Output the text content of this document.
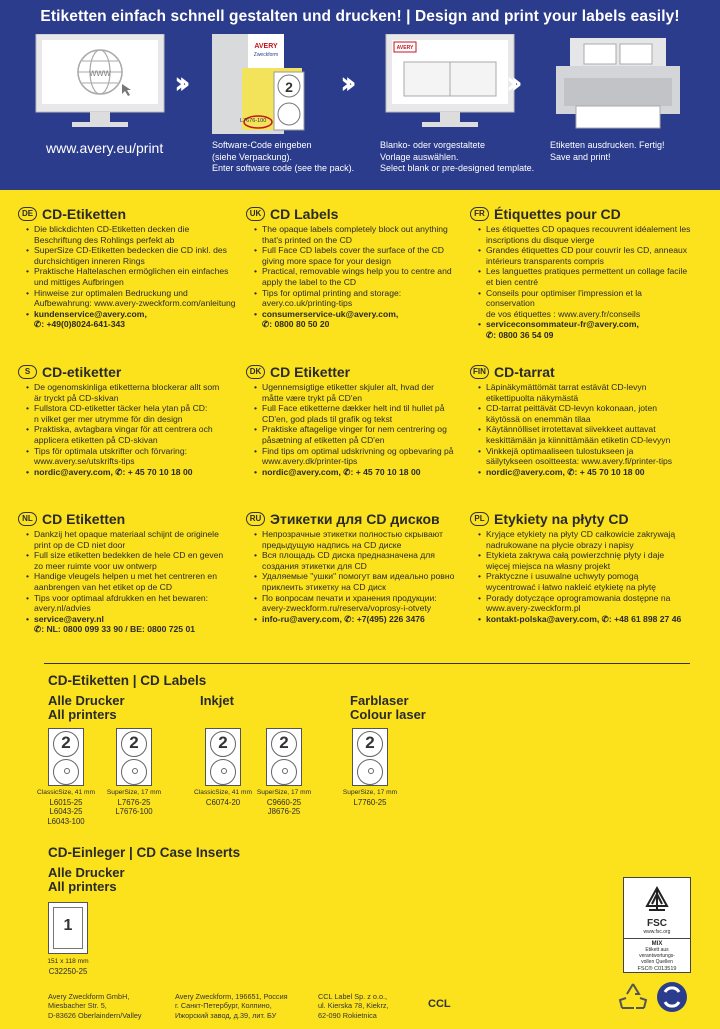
Etiketten einfach schnell gestalten und drucken! | Design and print your labels easily!
www
www.avery.eu/print
››
AVERY
Zweckform
2
L7676-100
Software-Code eingeben
(siehe Verpackung).
Enter software code (see the pack).
››
AVERY
Blanko- oder vorgestaltete
Vorlage auswählen.
Select blank or pre-designed template.
››
Etiketten ausdrucken. Fertig!
Save and print!
DE CD-Etiketten
• Die blickdichten CD-Etiketten decken die
Beschriftung des Rohlings perfekt ab
• SuperSize CD-Etiketten bedecken die CD inkl. des
durchsichtigen inneren Rings
• Praktische Haltelaschen ermöglichen ein einfaches
und mittiges Aufbringen
• Hinweise zur optimalen Bedruckung und
Aufbewahrung: www.avery-zweckform.com/anleitung
• kundenservice@avery.com,
✆: +49(0)8024-641-343
UK CD Labels
• The opaque labels completely block out anything
that's printed on the CD
• Full Face CD labels cover the surface of the CD
giving more space for your design
• Practical, removable wings help you to centre and
apply the label to the CD
• Tips for optimal printing and storage:
avery.co.uk/printing-tips
• consumerservice-uk@avery.com,
✆: 0800 80 50 20
FR Étiquettes pour CD
• Les étiquettes CD opaques recouvrent idéalement les
inscriptions du disque vierge
• Grandes étiquettes CD pour couvrir les CD, anneaux
intérieurs transparents compris
• Les languettes pratiques permettent un collage facile
et bien centré
• Conseils pour optimiser l'impression et la conservation
de vos étiquettes : www.avery.fr/conseils
• serviceconsommateur-fr@avery.com,
✆: 0800 36 54 09
S CD-etiketter
• De ogenomskinliga etiketterna blockerar allt som
är tryckt på CD-skivan
• Fullstora CD-etiketter täcker hela ytan på CD:
n vilket ger mer utrymme för din design
• Praktiska, avtagbara vingar för att centrera och
applicera etiketten på CD-skivan
• Tips för optimala utskrifter och förvaring:
www.avery.se/utskrifts-tips
• nordic@avery.com, ✆: + 45 70 10 18 00
DK CD Etiketter
• Ugennemsigtige etiketter skjuler alt, hvad der
måtte være trykt på CD'en
• Full Face etiketterne dækker helt ind til hullet på
CD'en, god plads til grafik og tekst
• Praktiske aftagelige vinger for nem centrering og
påsætning af etiketten på CD'en
• Find tips om optimal udskrivning og opbevaring på
www.avery.dk/printer-tips
• nordic@avery.com, ✆: + 45 70 10 18 00
FIN CD-tarrat
• Läpinäkymättömät tarrat estävät CD-levyn
etikettipuolta näkymästä
• CD-tarrat peittävät CD-levyn kokonaan, joten
käytössä on enemmän tilaa
• Käytännölliset irrotettavat siivekkeet auttavat
keskittämään ja kiinnittämään etiketin CD-levyyn
• Vinkkejä optimaaliseen tulostukseen ja
säilytykseen osoitteesta: www.avery.fi/printer-tips
• nordic@avery.com, ✆: + 45 70 10 18 00
NL CD Etiketten
• Dankzij het opaque materiaal schijnt de originele
print op de CD niet door
• Full size etiketten bedekken de hele CD en geven
zo meer ruimte voor uw ontwerp
• Handige vleugels helpen u met het centreren en
aanbrengen van het etiket op de CD
• Tips voor optimaal afdrukken en het bewaren:
avery.nl/advies
• service@avery.nl
✆: NL: 0800 099 33 90 / BE: 0800 725 01
RU Этикетки для CD дисков
• Непрозрачные этикетки полностью скрывают
предыдущую надпись на CD диске
• Вся площадь CD диска предназначена для
создания этикетки для CD
• Удаляемые "ушки" помогут вам идеально ровно
приклеить этикетку на CD диск
• По вопросам печати и хранения продукции:
avery-zweckform.ru/reserva/voprosy-i-otvety
• info-ru@avery.com, ✆: +7(495) 226 3476
PL Etykiety na płyty CD
• Kryjące etykiety na płyty CD całkowicie zakrywają
nadrukowane na płycie obrazy i napisy
• Etykieta zakrywa całą powierzchnię płyty i daje
więcej miejsca na własny projekt
• Praktyczne i usuwalne uchwyty pomogą
wycentrować i łatwo nakleić etykietę na płytę
• Porady dotyczące oprogramowania dostępne na
www.avery-zweckform.pl
• kontakt-polska@avery.com, ✆: +48 61 898 27 46
CD-Etiketten | CD Labels
Alle Drucker
All printers
Inkjet	Farblaser
Colour laser
2
ClassicSize, 41 mm
L6015-25
L6043-25
L6043-100
2
SuperSize, 17 mm
L7676-25
L7676-100
2
ClassicSize, 41 mm
C6074-20
2
SuperSize, 17 mm
C9660-25
J8676-25
2
SuperSize, 17 mm
L7760-25
CD-Einleger | CD Case Inserts
Alle Drucker
All printers
1
151 x 118 mm
C32250-25
Avery Zweckform GmbH,
Miesbacher Str. 5,
D-83626 Oberlaindern/Valley
Avery Zweckform, 196651, Россия
г. Санкт-Петербург, Колпино,
Ижорский завод, д.39, лит. БУ
CCL Label Sp. z o.o.,
ul. Kierska 78, Kiekrz,
62-090 Rokietnica
CCL
FSC
www.fsc.org
MIX
Etikett aus
verantwortungs-
vollen Quellen
FSC® C013519
